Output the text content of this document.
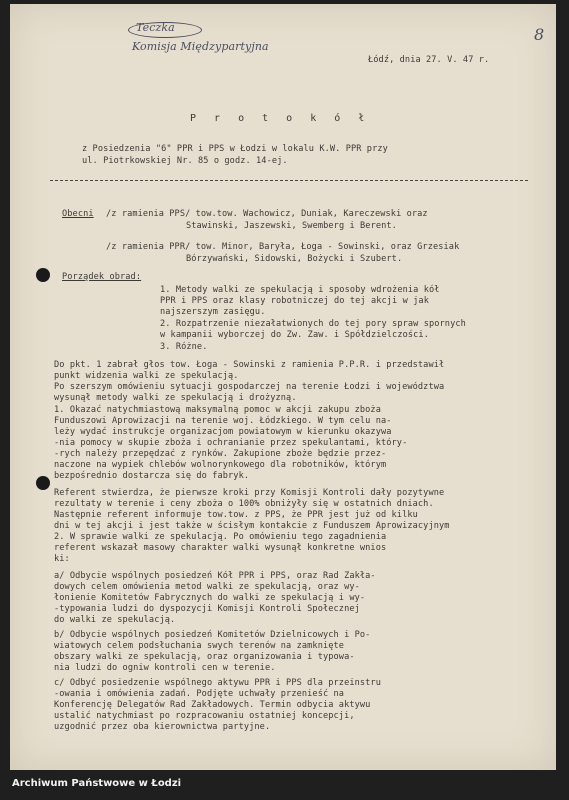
Teczka
Komisja Międzypartyjna
8
Łódź, dnia 27. V. 47 r.
P r o t o k ó ł
z Posiedzenia "6" PPR i PPS w Łodzi w lokalu K.W. PPR przy
ul. Piotrkowskiej Nr. 85 o godz. 14-ej.
Obecni /z ramienia PPS/ tow.tow. Wachowicz, Duniak, Kareczewski oraz
Stawinski, Jaszewski, Swemberg i Berent.
/z ramienia PPR/ tow. Minor, Baryła, Łoga - Sowinski, oraz Grzesiak
Bórzywański, Sidowski, Bożycki i Szubert.
Porządek obrad:
1. Metody walki ze spekulacją i sposoby wdrożenia kół
PPR i PPS oraz klasy robotniczej do tej akcji w jak
najszerszym zasięgu.
2. Rozpatrzenie niezałatwionych do tej pory spraw spornych
w kampanii wyborczej do Zw. Zaw. i Spółdzielczości.
3. Różne.
Do pkt. 1 zabrał głos tow. Łoga - Sowinski z ramienia P.P.R. i przedstawił
punkt widzenia walki ze spekulacją.
Po szerszym omówieniu sytuacji gospodarczej na terenie Łodzi i województwa
wysunął metody walki ze spekulacją i drożyzną.
1. Okazać natychmiastową maksymalną pomoc w akcji zakupu zboża
Funduszowi Aprowizacji na terenie woj. Łódzkiego. W tym celu na-
leży wydać instrukcje organizacjom powiatowym w kierunku okazywa
-nia pomocy w skupie zboża i ochranianie przez spekulantami, który-
-rych należy przepędzać z rynków. Zakupione zboże będzie przez-
naczone na wypiek chlebów wolnorynkowego dla robotników, którym
bezpośrednio dostarcza się do fabryk.
Referent stwierdza, że pierwsze kroki przy Komisji Kontroli dały pozytywne
rezultaty w terenie i ceny zboża o 100% obniżyły się w ostatnich dniach.
Następnie referent informuje tow.tow. z PPS, że PPR jest już od kilku
dni w tej akcji i jest także w ścisłym kontakcie z Funduszem Aprowizacyjnym
2. W sprawie walki ze spekulacją. Po omówieniu tego zagadnienia
referent wskazał masowy charakter walki wysunął konkretne wnios
ki:
a/ Odbycie wspólnych posiedzeń Kół PPR i PPS, oraz Rad Zakła-
dowych celem omówienia metod walki ze spekulacją, oraz wy-
łonienie Komitetów Fabrycznych do walki ze spekulacją i wy-
-typowania ludzi do dyspozycji Komisji Kontroli Społecznej
do walki ze spekulacją.
b/ Odbycie wspólnych posiedzeń Komitetów Dzielnicowych i Po-
wiatowych celem podsłuchania swych terenów na zamknięte
obszary walki ze spekulacją, oraz organizowania i typowa-
nia ludzi do ogniw kontroli cen w terenie.
c/ Odbyć posiedzenie wspólnego aktywu PPR i PPS dla przeinstru
-owania i omówienia zadań. Podjęte uchwały przenieść na
Konferencję Delegatów Rad Zakładowych. Termin odbycia aktywu
ustalić natychmiast po rozpracowaniu ostatniej koncepcji,
uzgodnić przez oba kierownictwa partyjne.
Archiwum Państwowe w Łodzi
